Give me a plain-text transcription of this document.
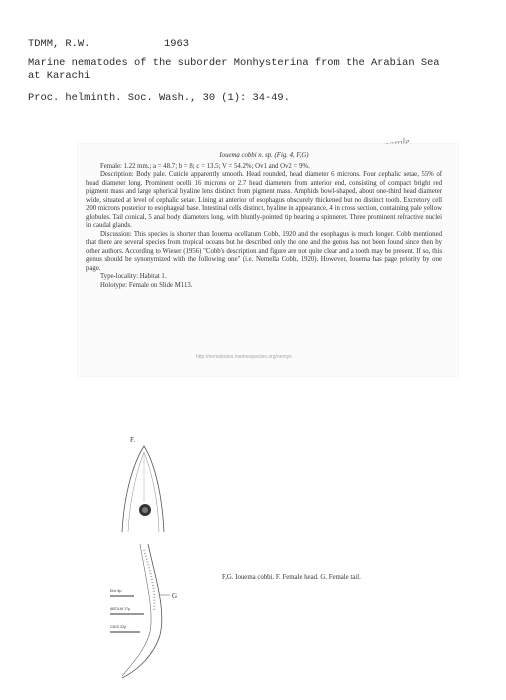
TDMM, R.W.	1963
Marine nematodes of the suborder Monhysterina from the Arabian Sea
at Karachi
Proc. helminth. Soc. Wash., 30 (1): 34-49.

Iouema cobbi n. sp. (Fig. 4, F,G)

Female: 1.22 mm.; a = 48.7; b = 8; c = 13.5; V = 54.2%; Ov1 and Ov2 = 9%.

Description: Body pale. Cuticle apparently smooth. Head rounded, head diameter 6 microns. Four cephalic setae, 55% of head diameter long. Prominent ocelli 16 microns or 2.7 head diameters from anterior end, consisting of compact bright red pigment mass and large spherical hyaline lens distinct from pigment mass. Amphids bowl-shaped, about one-third head diameter wide, situated at level of cephalic setae. Lining at anterior of esophagus obscurely thickened but no distinct tooth. Excretory cell 200 microns posterior to esophageal base. Intestinal cells distinct, hyaline in appearance, 4 in cross section, containing pale yellow globules. Tail conical, 5 anal body diameters long, with bluntly-pointed tip bearing a spinneret. Three prominent refractive nuclei in caudal glands.

Discussion: This species is shorter than Iouema ocellatum Cobb, 1920 and the esophagus is much longer. Cobb mentioned that there are several species from tropical oceans but he described only the one and the genus has not been found since then by other authors. According to Wieser (1956) "Cobb's description and figure are not quite clear and a tooth may be present. If so, this genus should be synonymized with the following one" (i.e. Nemella Cobb, 1920). However, Iouema has page priority by one page.

Type-locality: Habitat 1.

Holotype: Female on Slide M113.

http://nematodes.marinespecies.org/nemys
F.
G
Ehe 8μ
ABTILM 17μ
CDGI 32μ
F,G. Iouema cobbi. F. Female head. G. Female tail.
